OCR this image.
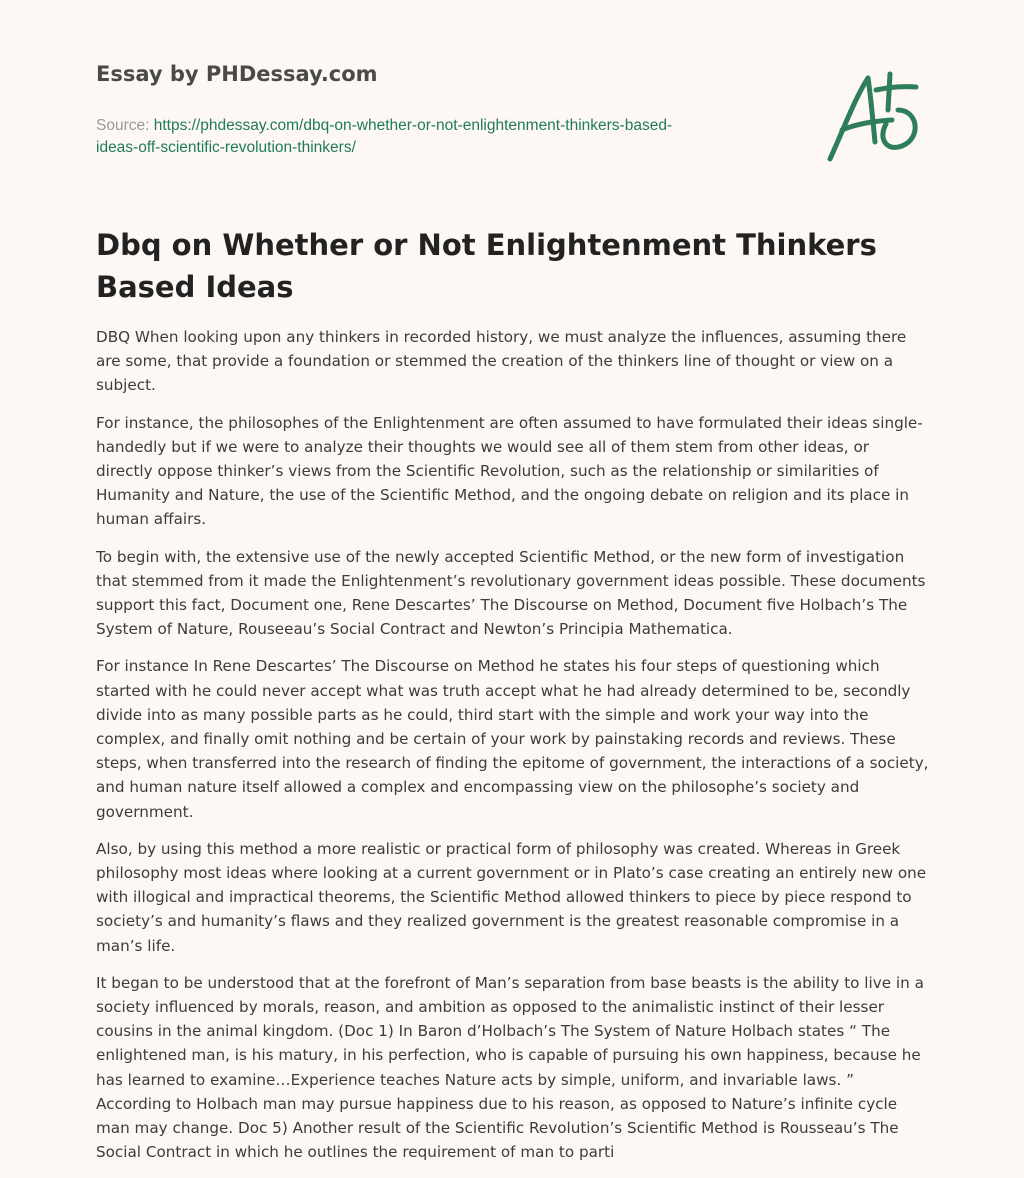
Essay by PHDessay.com
Source: https://phdessay.com/dbq-on-whether-or-not-enlightenment-thinkers-based-
ideas-off-scientific-revolution-thinkers/
Dbq on Whether or Not Enlightenment Thinkers Based Ideas

DBQ When looking upon any thinkers in recorded history, we must analyze the influences, assuming there are some, that provide a foundation or stemmed the creation of the thinkers line of thought or view on a subject.

For instance, the philosophes of the Enlightenment are often assumed to have formulated their ideas single-handedly but if we were to analyze their thoughts we would see all of them stem from other ideas, or directly oppose thinker’s views from the Scientific Revolution, such as the relationship or similarities of Humanity and Nature, the use of the Scientific Method, and the ongoing debate on religion and its place in human affairs.

To begin with, the extensive use of the newly accepted Scientific Method, or the new form of investigation that stemmed from it made the Enlightenment’s revolutionary government ideas possible. These documents support this fact, Document one, Rene Descartes’ The Discourse on Method, Document five Holbach’s The System of Nature, Rouseeau’s Social Contract and Newton’s Principia Mathematica.

For instance In Rene Descartes’ The Discourse on Method he states his four steps of questioning which started with he could never accept what was truth accept what he had already determined to be, secondly divide into as many possible parts as he could, third start with the simple and work your way into the complex, and finally omit nothing and be certain of your work by painstaking records and reviews. These steps, when transferred into the research of finding the epitome of government, the interactions of a society, and human nature itself allowed a complex and encompassing view on the philosophe’s society and government.

Also, by using this method a more realistic or practical form of philosophy was created. Whereas in Greek philosophy most ideas where looking at a current government or in Plato’s case creating an entirely new one with illogical and impractical theorems, the Scientific Method allowed thinkers to piece by piece respond to society’s and humanity’s flaws and they realized government is the greatest reasonable compromise in a man’s life.

It began to be understood that at the forefront of Man’s separation from base beasts is the ability to live in a society influenced by morals, reason, and ambition as opposed to the animalistic instinct of their lesser cousins in the animal kingdom. (Doc 1) In Baron d’Holbach’s The System of Nature Holbach states “ The enlightened man, is his matury, in his perfection, who is capable of pursuing his own happiness, because he has learned to examine…Experience teaches Nature acts by simple, uniform, and invariable laws. ” According to Holbach man may pursue happiness due to his reason, as opposed to Nature’s infinite cycle man may change. Doc 5) Another result of the Scientific Revolution’s Scientific Method is Rousseau’s The Social Contract in which he outlines the requirement of man to parti
